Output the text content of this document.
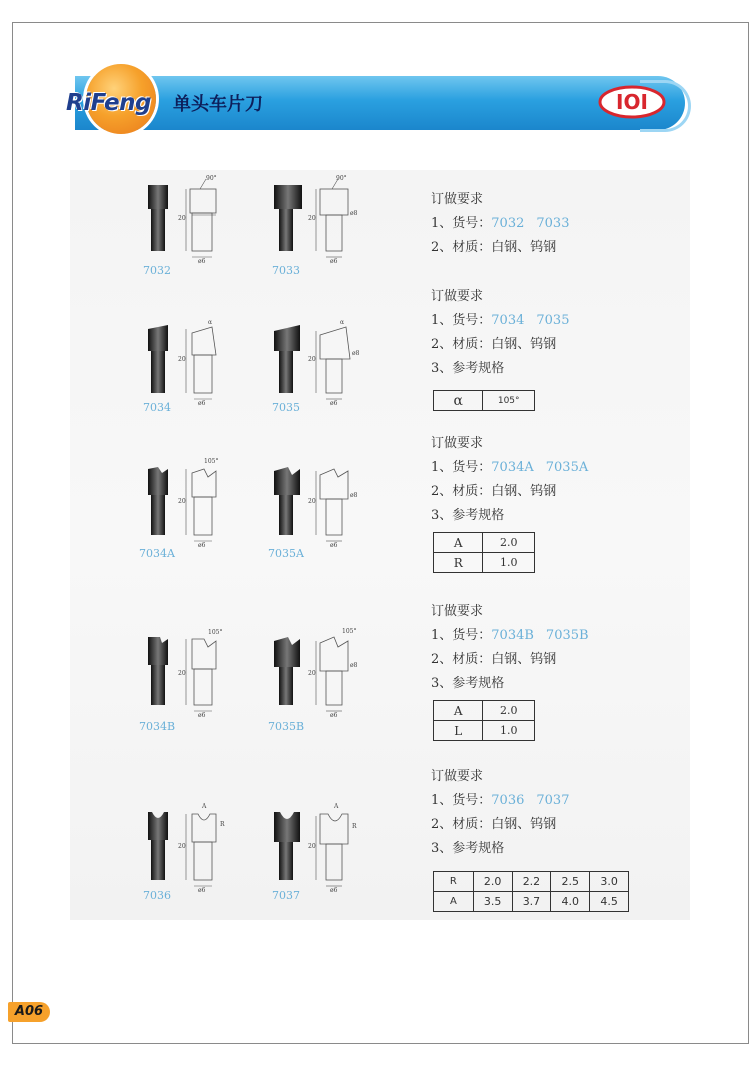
RiFeng 单头车片刀	IOI
90°
20
ø6
90°
20
ø8
ø6
7032	7033
订做要求
1、货号：7032 7033
2、材质：白钢、钨钢
α
20
ø6
α
20
ø8
ø6
7034	7035
订做要求
1、货号：7034 7035
2、材质：白钢、钨钢
3、参考规格
α	105°
105°
20
ø6
20
ø8
ø6
7034A	7035A
订做要求
1、货号：7034A 7035A
2、材质：白钢、钨钢
3、参考规格
A	2.0
R	1.0
105°
20
ø6
105°
20
ø8
ø6
7034B	7035B
订做要求
1、货号：7034B 7035B
2、材质：白钢、钨钢
3、参考规格
A	2.0
L	1.0
A
R
20
ø6
A
R
20
ø6
7036	7037
订做要求
1、货号：7036 7037
2、材质：白钢、钨钢
3、参考规格
R	2.0	2.2	2.5	3.0
A	3.5	3.7	4.0	4.5
A06
